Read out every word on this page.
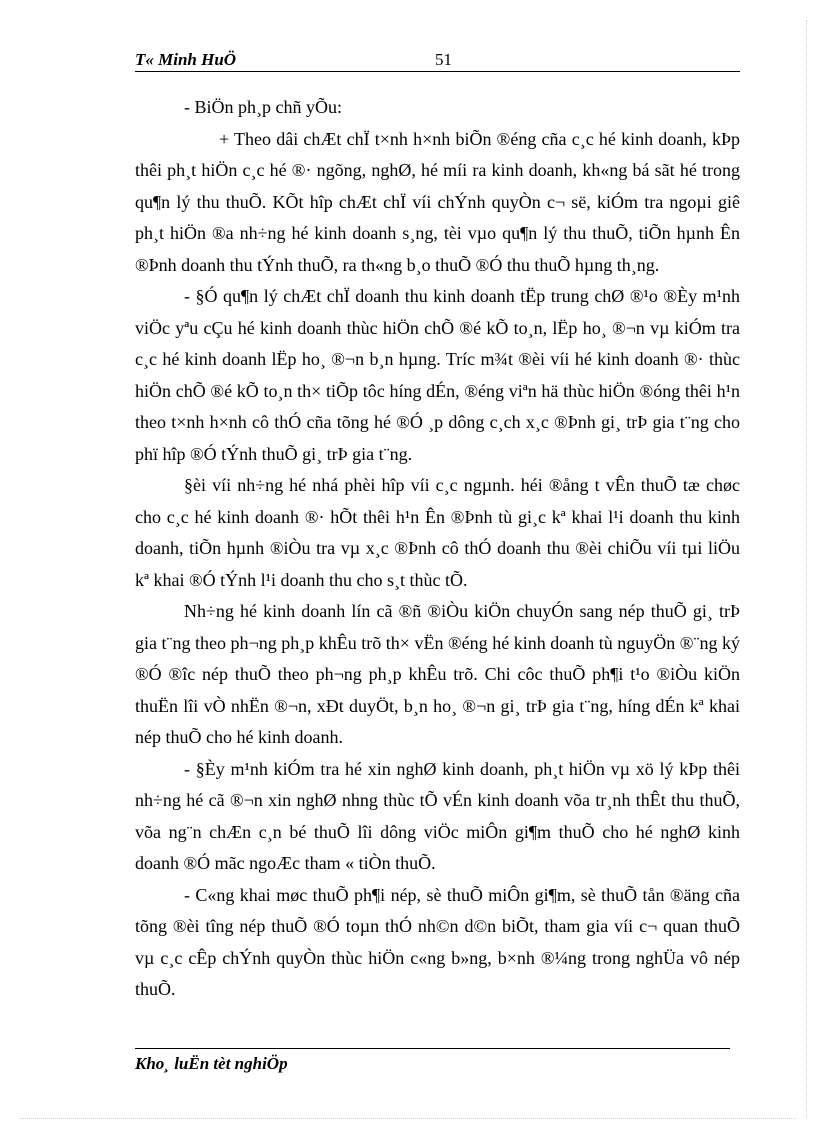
T« Minh HuÖ	51

- BiÖn ph¸p chñ yÕu:

+ Theo dâi chÆt chÏ t×nh h×nh biÕn ®éng cña c¸c hé kinh doanh, kÞp thêi ph¸t hiÖn c¸c hé ®· ngõng, nghØ, hé míi ra kinh doanh, kh«ng bá sãt hé trong qu¶n lý thu thuÕ. KÕt hîp chÆt chÏ víi chÝnh quyÒn c¬ së, kiÓm tra ngoµi giê ph¸t hiÖn ®a nh÷ng hé kinh doanh s¸ng, tèi vµo qu¶n lý thu thuÕ, tiÕn hµnh Ên ®Þnh doanh thu tÝnh thuÕ, ra th«ng b¸o thuÕ ®Ó thu thuÕ hµng th¸ng.

- §Ó qu¶n lý chÆt chÏ doanh thu kinh doanh tËp trung chØ ®¹o ®Èy m¹nh viÖc yªu cÇu hé kinh doanh thùc hiÖn chÕ ®é kÕ to¸n, lËp ho¸ ®¬n vµ kiÓm tra c¸c hé kinh doanh lËp ho¸ ®¬n b¸n hµng. Tríc m¾t ®èi víi hé kinh doanh ®· thùc hiÖn chÕ ®é kÕ to¸n th× tiÕp tôc híng dÉn, ®éng viªn hä thùc hiÖn ®óng thêi h¹n theo t×nh h×nh cô thÓ cña tõng hé ®Ó ¸p dông c¸ch x¸c ®Þnh gi¸ trÞ gia t¨ng cho phï hîp ®Ó tÝnh thuÕ gi¸ trÞ gia t¨ng.

§èi víi nh÷ng hé nhá phèi hîp víi c¸c ngµnh. héi ®ång t vÊn thuÕ tæ chøc cho c¸c hé kinh doanh ®· hÕt thêi h¹n Ên ®Þnh tù gi¸c kª khai l¹i doanh thu kinh doanh, tiÕn hµnh ®iÒu tra vµ x¸c ®Þnh cô thÓ doanh thu ®èi chiÕu víi tµi liÖu kª khai ®Ó tÝnh l¹i doanh thu cho s¸t thùc tÕ.

Nh÷ng hé kinh doanh lín cã ®ñ ®iÒu kiÖn chuyÓn sang nép thuÕ gi¸ trÞ gia t¨ng theo ph¬ng ph¸p khÊu trõ th× vËn ®éng hé kinh doanh tù nguyÖn ®¨ng ký ®Ó ®îc nép thuÕ theo ph¬ng ph¸p khÊu trõ. Chi côc thuÕ ph¶i t¹o ®iÒu kiÖn thuËn lîi vÒ nhËn ®¬n, xÐt duyÖt, b¸n ho¸ ®¬n gi¸ trÞ gia t¨ng, híng dÉn kª khai nép thuÕ cho hé kinh doanh.

- §Èy m¹nh kiÓm tra hé xin nghØ kinh doanh, ph¸t hiÖn vµ xö lý kÞp thêi nh÷ng hé cã ®¬n xin nghØ nhng thùc tÕ vÉn kinh doanh võa tr¸nh thÊt thu thuÕ, võa ng¨n chÆn c¸n bé thuÕ lîi dông viÖc miÔn gi¶m thuÕ cho hé nghØ kinh doanh ®Ó mãc ngoÆc tham « tiÒn thuÕ.

- C«ng khai møc thuÕ ph¶i nép, sè thuÕ miÔn gi¶m, sè thuÕ tån ®äng cña tõng ®èi tîng nép thuÕ ®Ó toµn thÓ nh©n d©n biÕt, tham gia víi c¬ quan thuÕ vµ c¸c cÊp chÝnh quyÒn thùc hiÖn c«ng b»ng, b×nh ®¼ng trong nghÜa vô nép thuÕ.

Kho¸ luËn tèt nghiÖp
